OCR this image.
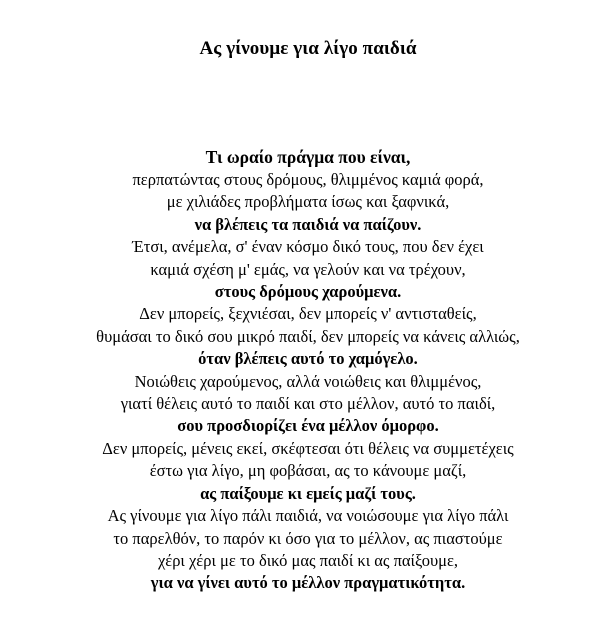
Ας γίνουμε για λίγο παιδιά
Τι ωραίο πράγμα που είναι,
περπατώντας στους δρόμους, θλιμμένος καμιά φορά,
με χιλιάδες προβλήματα ίσως και ξαφνικά,
να βλέπεις τα παιδιά να παίζουν.
Έτσι, ανέμελα, σ' έναν κόσμο δικό τους, που δεν έχει
καμιά σχέση μ' εμάς, να γελούν και να τρέχουν,
στους δρόμους χαρούμενα.
Δεν μπορείς, ξεχνιέσαι, δεν μπορείς ν' αντισταθείς,
θυμάσαι το δικό σου μικρό παιδί, δεν μπορείς να κάνεις αλλιώς,
όταν βλέπεις αυτό το χαμόγελο.
Νοιώθεις χαρούμενος, αλλά νοιώθεις και θλιμμένος,
γιατί θέλεις αυτό το παιδί και στο μέλλον, αυτό το παιδί,
σου προσδιορίζει ένα μέλλον όμορφο.
Δεν μπορείς, μένεις εκεί, σκέφτεσαι ότι θέλεις να συμμετέχεις
έστω για λίγο, μη φοβάσαι, ας το κάνουμε μαζί,
ας παίξουμε κι εμείς μαζί τους.
Ας γίνουμε για λίγο πάλι παιδιά, να νοιώσουμε για λίγο πάλι
το παρελθόν, το παρόν κι όσο για το μέλλον, ας πιαστούμε
χέρι χέρι με το δικό μας παιδί κι ας παίξουμε,
για να γίνει αυτό το μέλλον πραγματικότητα.
